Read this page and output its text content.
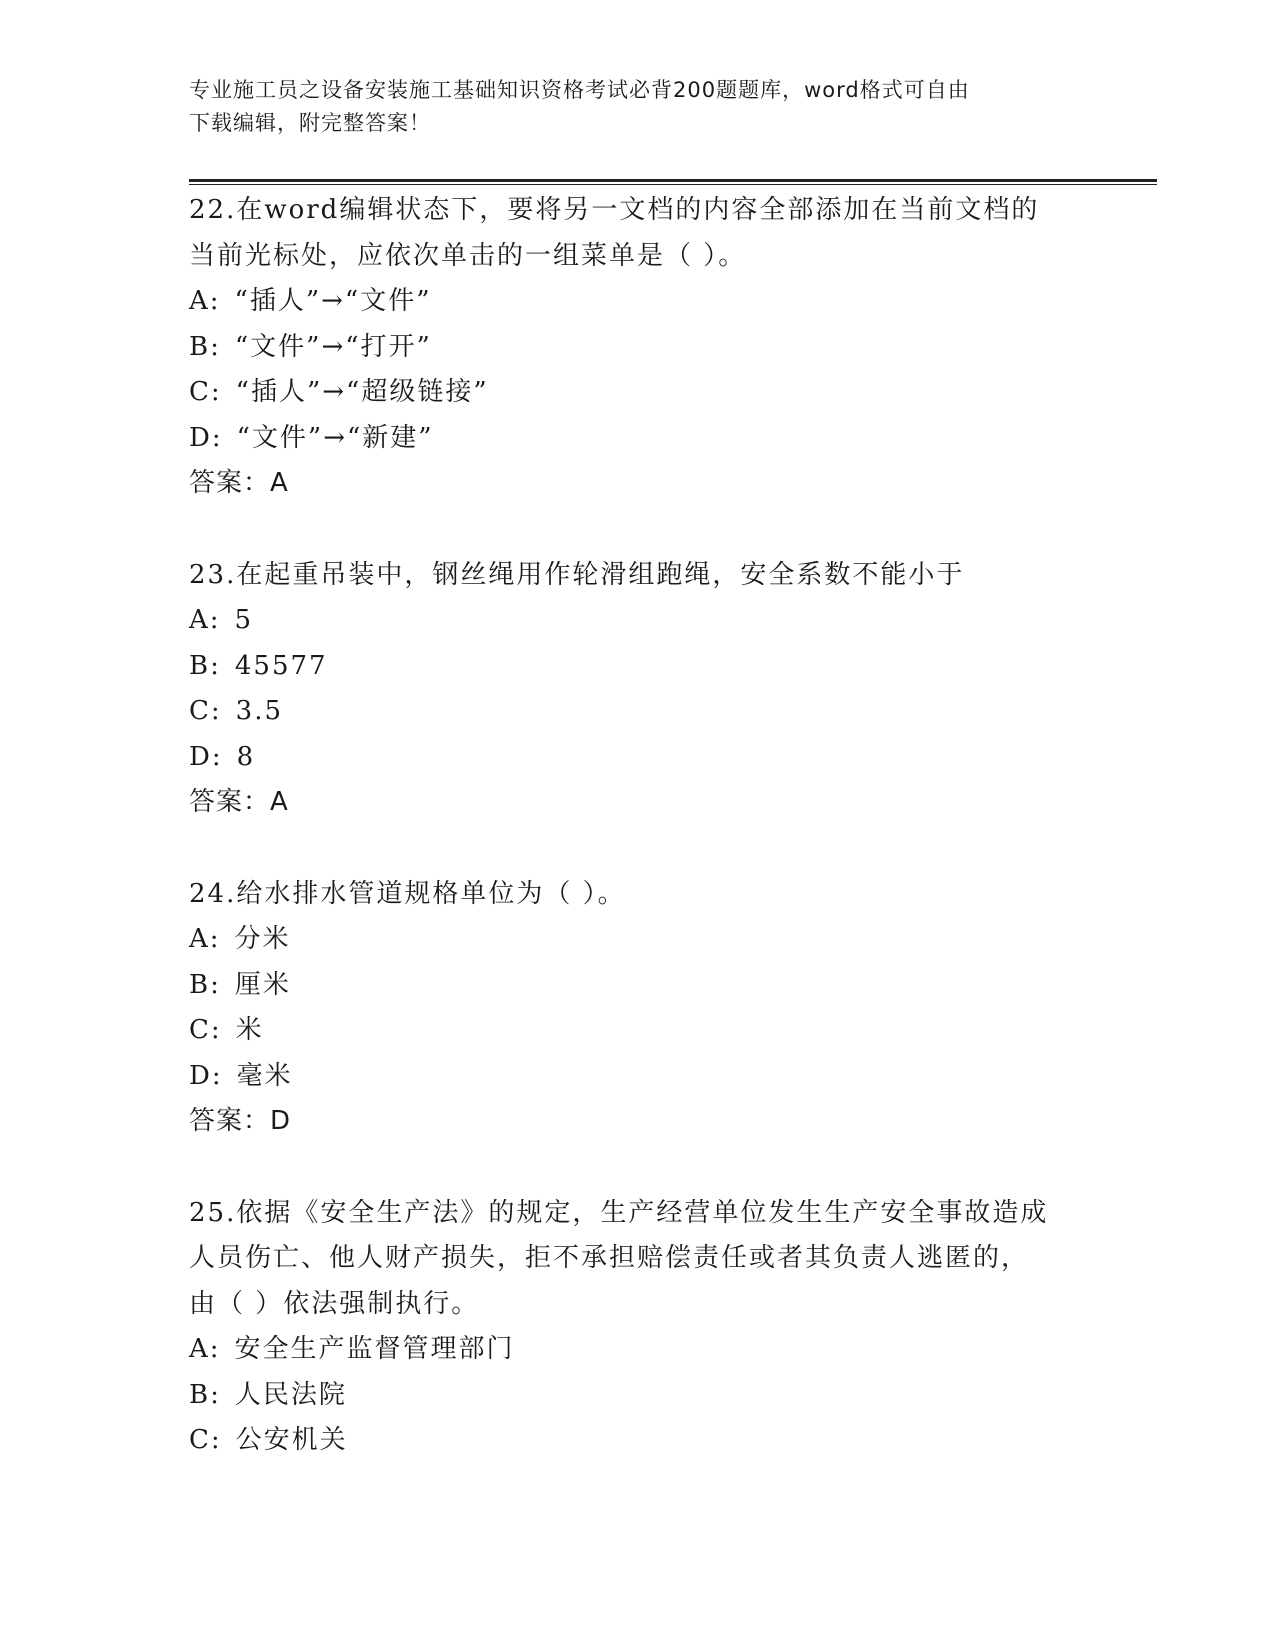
专业施工员之设备安装施工基础知识资格考试必背200题题库，word格式可自由
下载编辑，附完整答案！

22.在word编辑状态下，要将另一文档的内容全部添加在当前文档的

当前光标处，应依次单击的一组菜单是（ ）。

A: “插人”→“文件”

B: “文件”→“打开”

C: “插人”→“超级链接”

D: “文件”→“新建”

答案：A

23.在起重吊装中，钢丝绳用作轮滑组跑绳，安全系数不能小于

A: 5

B: 45577

C: 3.5

D: 8

答案：A

24.给水排水管道规格单位为（ ）。

A: 分米

B: 厘米

C: 米

D: 毫米

答案：D

25.依据《安全生产法》的规定，生产经营单位发生生产安全事故造成

人员伤亡、他人财产损失，拒不承担赔偿责任或者其负责人逃匿的，

由（ ）依法强制执行。

A: 安全生产监督管理部门

B: 人民法院

C: 公安机关
